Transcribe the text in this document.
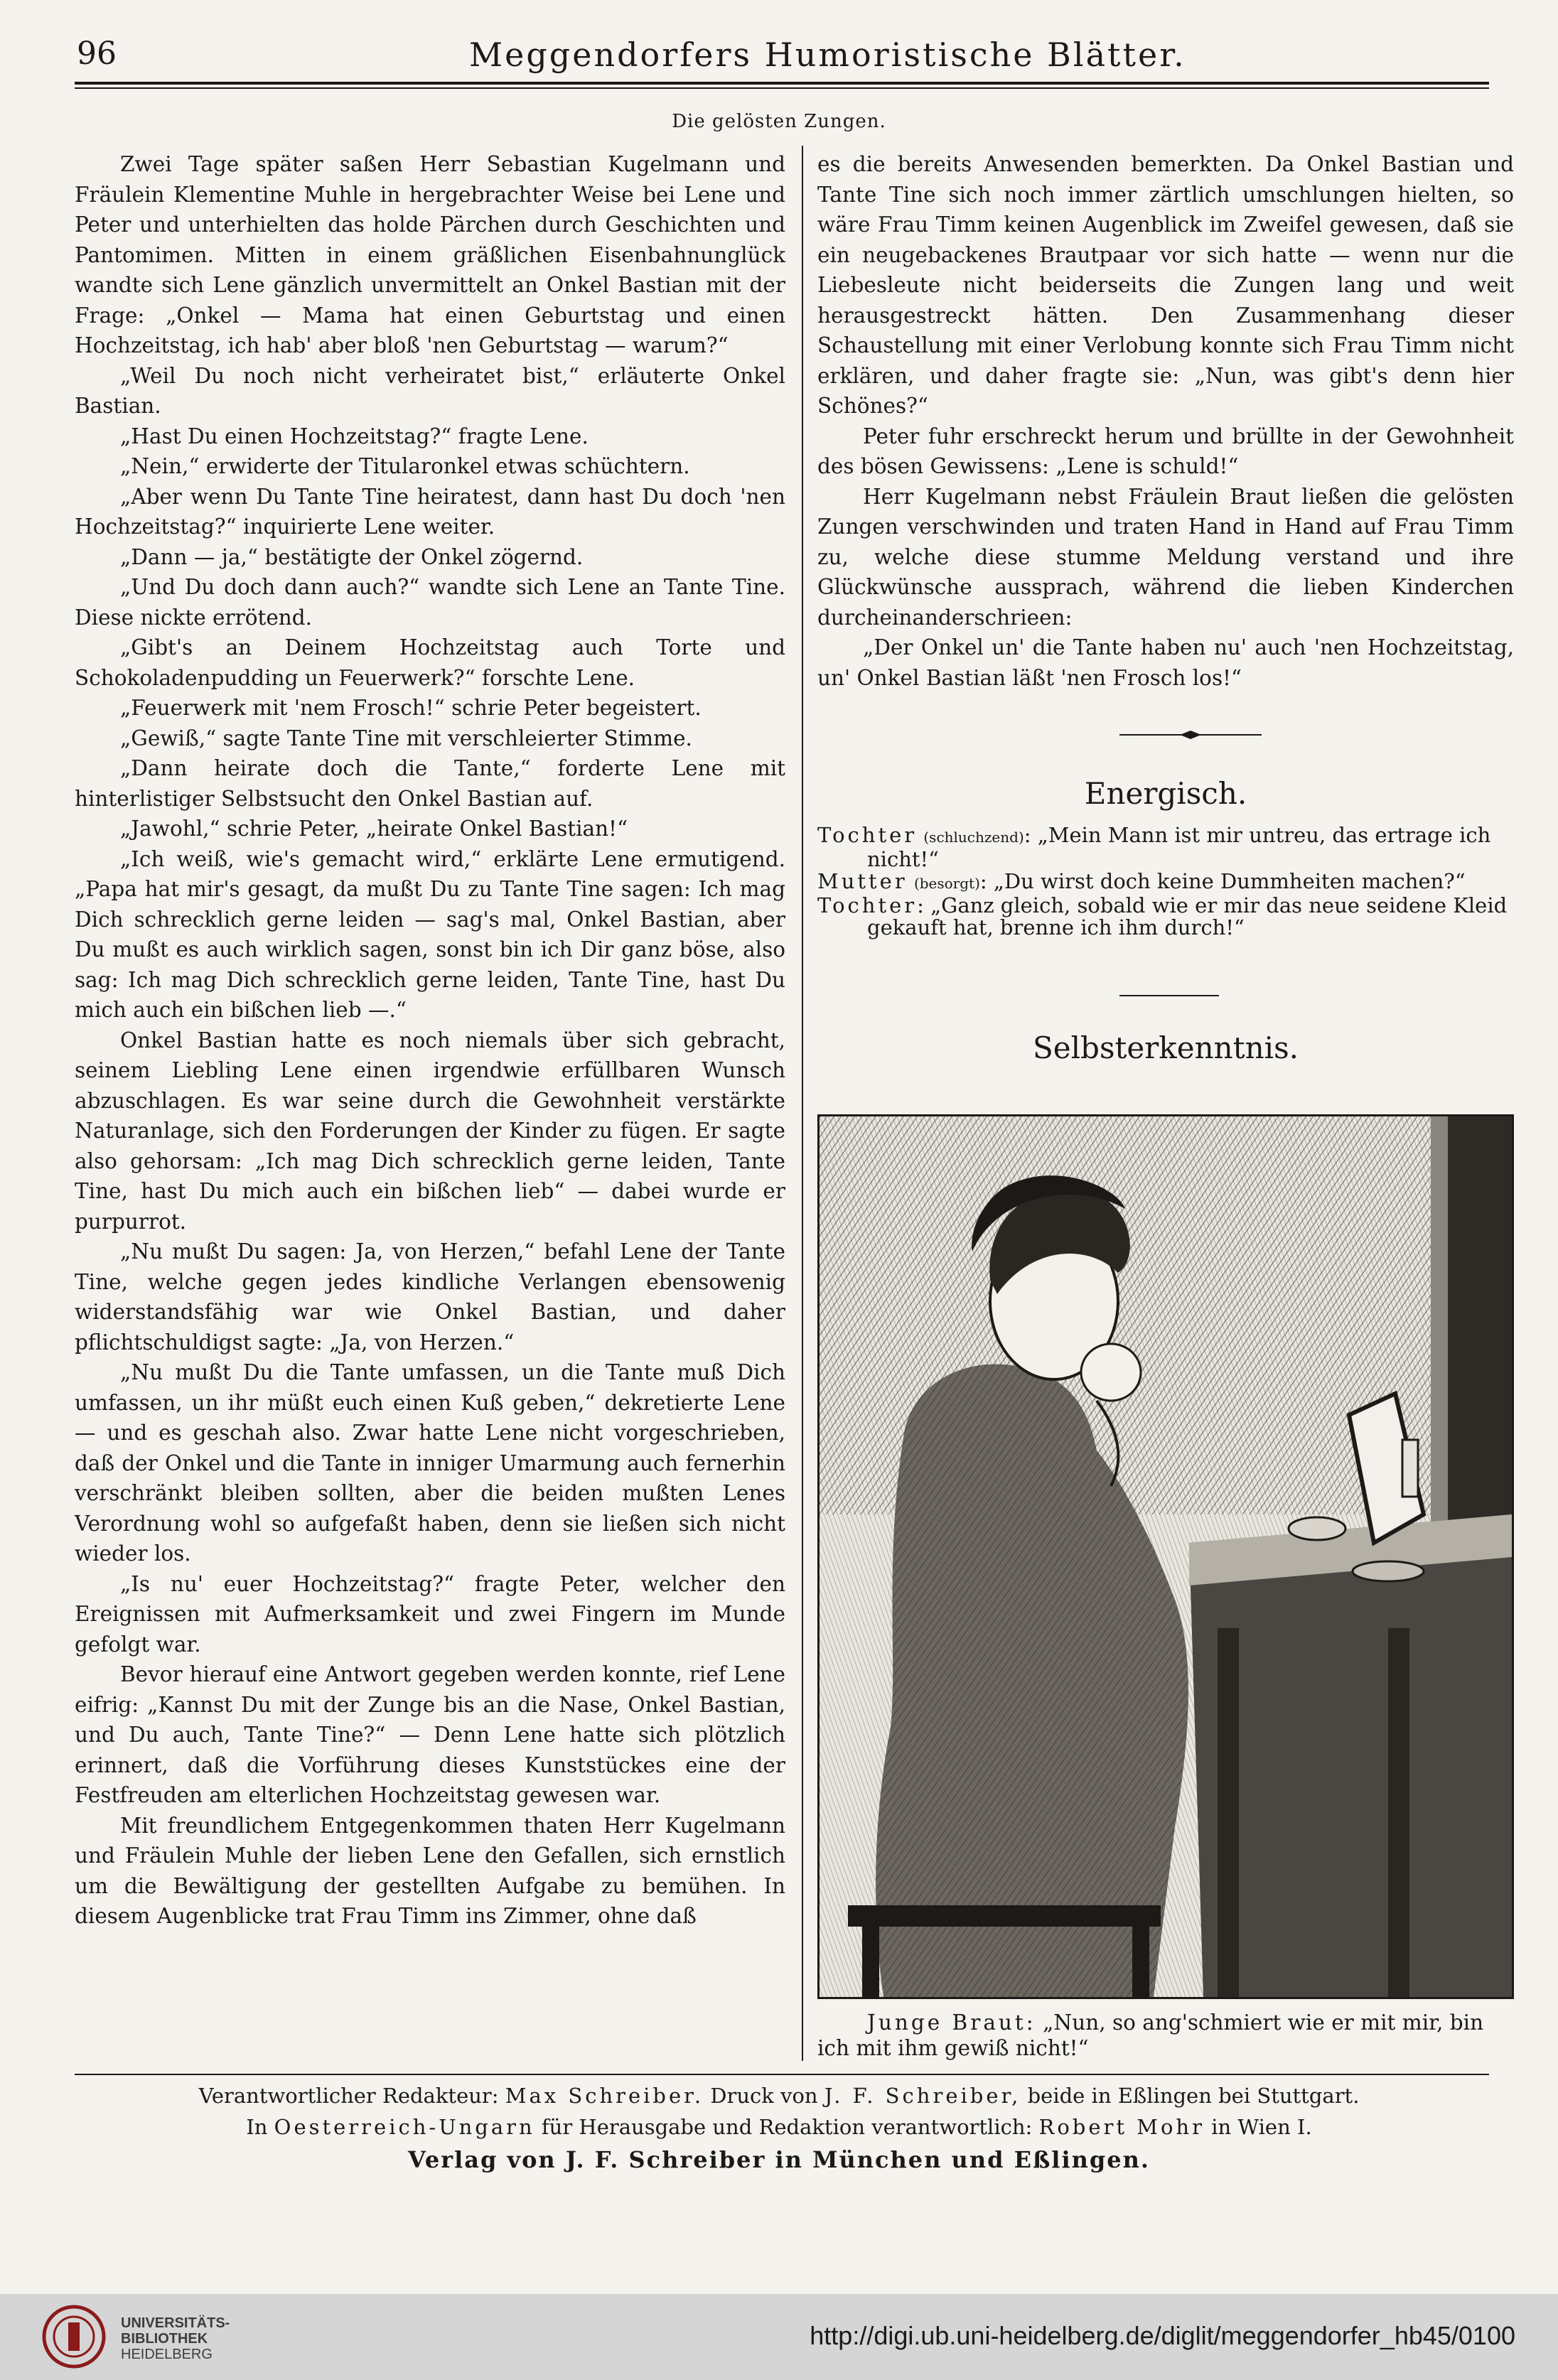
96	Meggendorfers Humoristische Blätter.
Die gelösten Zungen.

Zwei Tage später saßen Herr Sebastian Kugelmann und Fräulein Klementine Muhle in hergebrachter Weise bei Lene und Peter und unterhielten das holde Pärchen durch Geschichten und Pantomimen. Mitten in einem gräßlichen Eisenbahnunglück wandte sich Lene gänzlich unvermittelt an Onkel Bastian mit der Frage: „Onkel — Mama hat einen Geburtstag und einen Hochzeitstag, ich hab' aber bloß 'nen Geburtstag — warum?“

„Weil Du noch nicht verheiratet bist,“ erläuterte Onkel Bastian.

„Hast Du einen Hochzeitstag?“ fragte Lene.

„Nein,“ erwiderte der Titularonkel etwas schüchtern.

„Aber wenn Du Tante Tine heiratest, dann hast Du doch 'nen Hochzeitstag?“ inquirierte Lene weiter.

„Dann — ja,“ bestätigte der Onkel zögernd.

„Und Du doch dann auch?“ wandte sich Lene an Tante Tine. Diese nickte errötend.

„Gibt's an Deinem Hochzeitstag auch Torte und Schokoladenpudding un Feuerwerk?“ forschte Lene.

„Feuerwerk mit 'nem Frosch!“ schrie Peter begeistert.

„Gewiß,“ sagte Tante Tine mit verschleierter Stimme.

„Dann heirate doch die Tante,“ forderte Lene mit hinterlistiger Selbstsucht den Onkel Bastian auf.

„Jawohl,“ schrie Peter, „heirate Onkel Bastian!“

„Ich weiß, wie's gemacht wird,“ erklärte Lene ermutigend. „Papa hat mir's gesagt, da mußt Du zu Tante Tine sagen: Ich mag Dich schrecklich gerne leiden — sag's mal, Onkel Bastian, aber Du mußt es auch wirklich sagen, sonst bin ich Dir ganz böse, also sag: Ich mag Dich schrecklich gerne leiden, Tante Tine, hast Du mich auch ein bißchen lieb —.“

Onkel Bastian hatte es noch niemals über sich gebracht, seinem Liebling Lene einen irgendwie erfüllbaren Wunsch abzuschlagen. Es war seine durch die Gewohnheit verstärkte Naturanlage, sich den Forderungen der Kinder zu fügen. Er sagte also gehorsam: „Ich mag Dich schrecklich gerne leiden, Tante Tine, hast Du mich auch ein bißchen lieb“ — dabei wurde er purpurrot.

„Nu mußt Du sagen: Ja, von Herzen,“ befahl Lene der Tante Tine, welche gegen jedes kindliche Verlangen ebensowenig widerstandsfähig war wie Onkel Bastian, und daher pflichtschuldigst sagte: „Ja, von Herzen.“

„Nu mußt Du die Tante umfassen, un die Tante muß Dich umfassen, un ihr müßt euch einen Kuß geben,“ dekretierte Lene — und es geschah also. Zwar hatte Lene nicht vorgeschrieben, daß der Onkel und die Tante in inniger Umarmung auch fernerhin verschränkt bleiben sollten, aber die beiden mußten Lenes Verordnung wohl so aufgefaßt haben, denn sie ließen sich nicht wieder los.

„Is nu' euer Hochzeitstag?“ fragte Peter, welcher den Ereignissen mit Aufmerksamkeit und zwei Fingern im Munde gefolgt war.

Bevor hierauf eine Antwort gegeben werden konnte, rief Lene eifrig: „Kannst Du mit der Zunge bis an die Nase, Onkel Bastian, und Du auch, Tante Tine?“ — Denn Lene hatte sich plötzlich erinnert, daß die Vorführung dieses Kunststückes eine der Festfreuden am elterlichen Hochzeitstag gewesen war.

Mit freundlichem Entgegenkommen thaten Herr Kugelmann und Fräulein Muhle der lieben Lene den Gefallen, sich ernstlich um die Bewältigung der gestellten Aufgabe zu bemühen. In diesem Augenblicke trat Frau Timm ins Zimmer, ohne daß

es die bereits Anwesenden bemerkten. Da Onkel Bastian und Tante Tine sich noch immer zärtlich umschlungen hielten, so wäre Frau Timm keinen Augenblick im Zweifel gewesen, daß sie ein neugebackenes Brautpaar vor sich hatte — wenn nur die Liebesleute nicht beiderseits die Zungen lang und weit herausgestreckt hätten. Den Zusammenhang dieser Schaustellung mit einer Verlobung konnte sich Frau Timm nicht erklären, und daher fragte sie: „Nun, was gibt's denn hier Schönes?“

Peter fuhr erschreckt herum und brüllte in der Gewohnheit des bösen Gewissens: „Lene is schuld!“

Herr Kugelmann nebst Fräulein Braut ließen die gelösten Zungen verschwinden und traten Hand in Hand auf Frau Timm zu, welche diese stumme Meldung verstand und ihre Glückwünsche aussprach, während die lieben Kinderchen durcheinanderschrieen:

„Der Onkel un' die Tante haben nu' auch 'nen Hochzeitstag, un' Onkel Bastian läßt 'nen Frosch los!“

Energisch.

Tochter (schluchzend): „Mein Mann ist mir untreu, das ertrage ich nicht!“

Mutter (besorgt): „Du wirst doch keine Dummheiten machen?“

Tochter: „Ganz gleich, sobald wie er mir das neue seidene Kleid gekauft hat, brenne ich ihm durch!“

Selbsterkenntnis.

Junge Braut: „Nun, so ang'schmiert wie er mit mir, bin ich mit ihm gewiß nicht!“

Verantwortlicher Redakteur: Max Schreiber. Druck von J. F. Schreiber, beide in Eßlingen bei Stuttgart.
In Oesterreich-Ungarn für Herausgabe und Redaktion verantwortlich: Robert Mohr in Wien I.
Verlag von J. F. Schreiber in München und Eßlingen.
UNIVERSITÄTS-
BIBLIOTHEK
HEIDELBERG
http://digi.ub.uni-heidelberg.de/diglit/meggendorfer_hb45/0100
